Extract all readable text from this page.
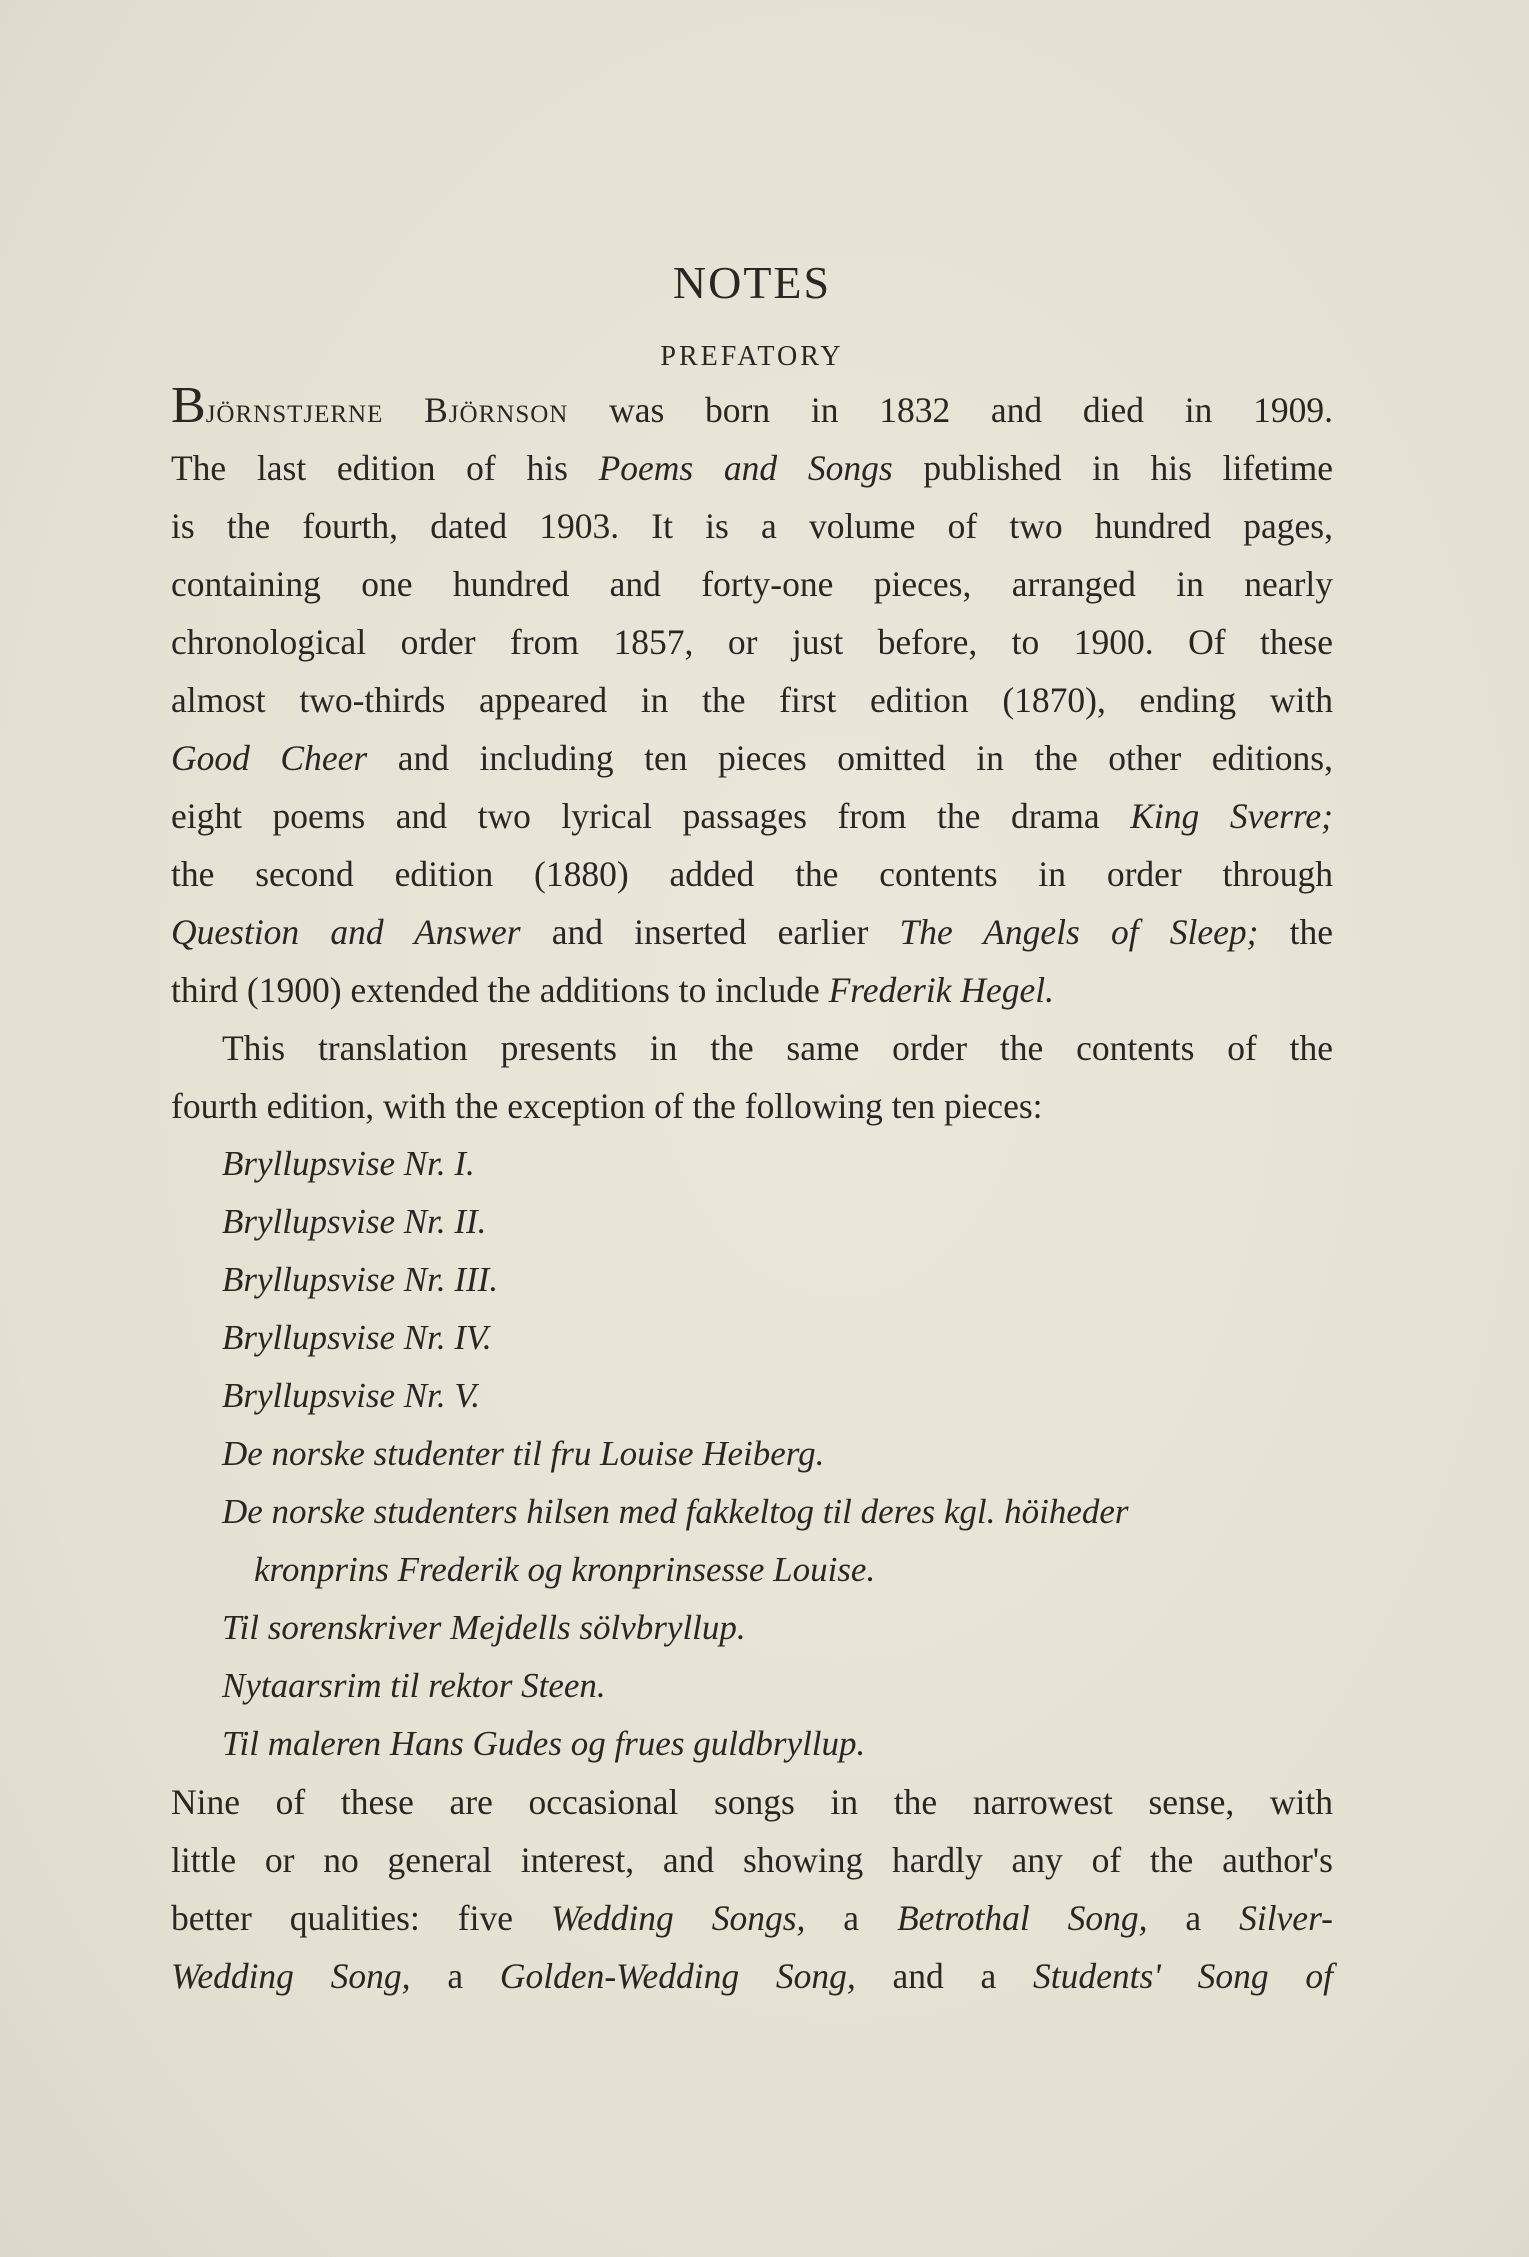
NOTES
PREFATORY
Björnstjerne Björnson was born in 1832 and died in 1909.
The last edition of his Poems and Songs published in his lifetime
is the fourth, dated 1903. It is a volume of two hundred pages,
containing one hundred and forty-one pieces, arranged in nearly
chronological order from 1857, or just before, to 1900. Of these
almost two-thirds appeared in the first edition (1870), ending with
Good Cheer and including ten pieces omitted in the other editions,
eight poems and two lyrical passages from the drama King Sverre;
the second edition (1880) added the contents in order through
Question and Answer and inserted earlier The Angels of Sleep; the
third (1900) extended the additions to include Frederik Hegel.
This translation presents in the same order the contents of the
fourth edition, with the exception of the following ten pieces:
Bryllupsvise Nr. I.
Bryllupsvise Nr. II.
Bryllupsvise Nr. III.
Bryllupsvise Nr. IV.
Bryllupsvise Nr. V.
De norske studenter til fru Louise Heiberg.
De norske studenters hilsen med fakkeltog til deres kgl. höiheder
kronprins Frederik og kronprinsesse Louise.
Til sorenskriver Mejdells sölvbryllup.
Nytaarsrim til rektor Steen.
Til maleren Hans Gudes og frues guldbryllup.
Nine of these are occasional songs in the narrowest sense, with
little or no general interest, and showing hardly any of the author's
better qualities: five Wedding Songs, a Betrothal Song, a Silver-
Wedding Song, a Golden-Wedding Song, and a Students' Song of
